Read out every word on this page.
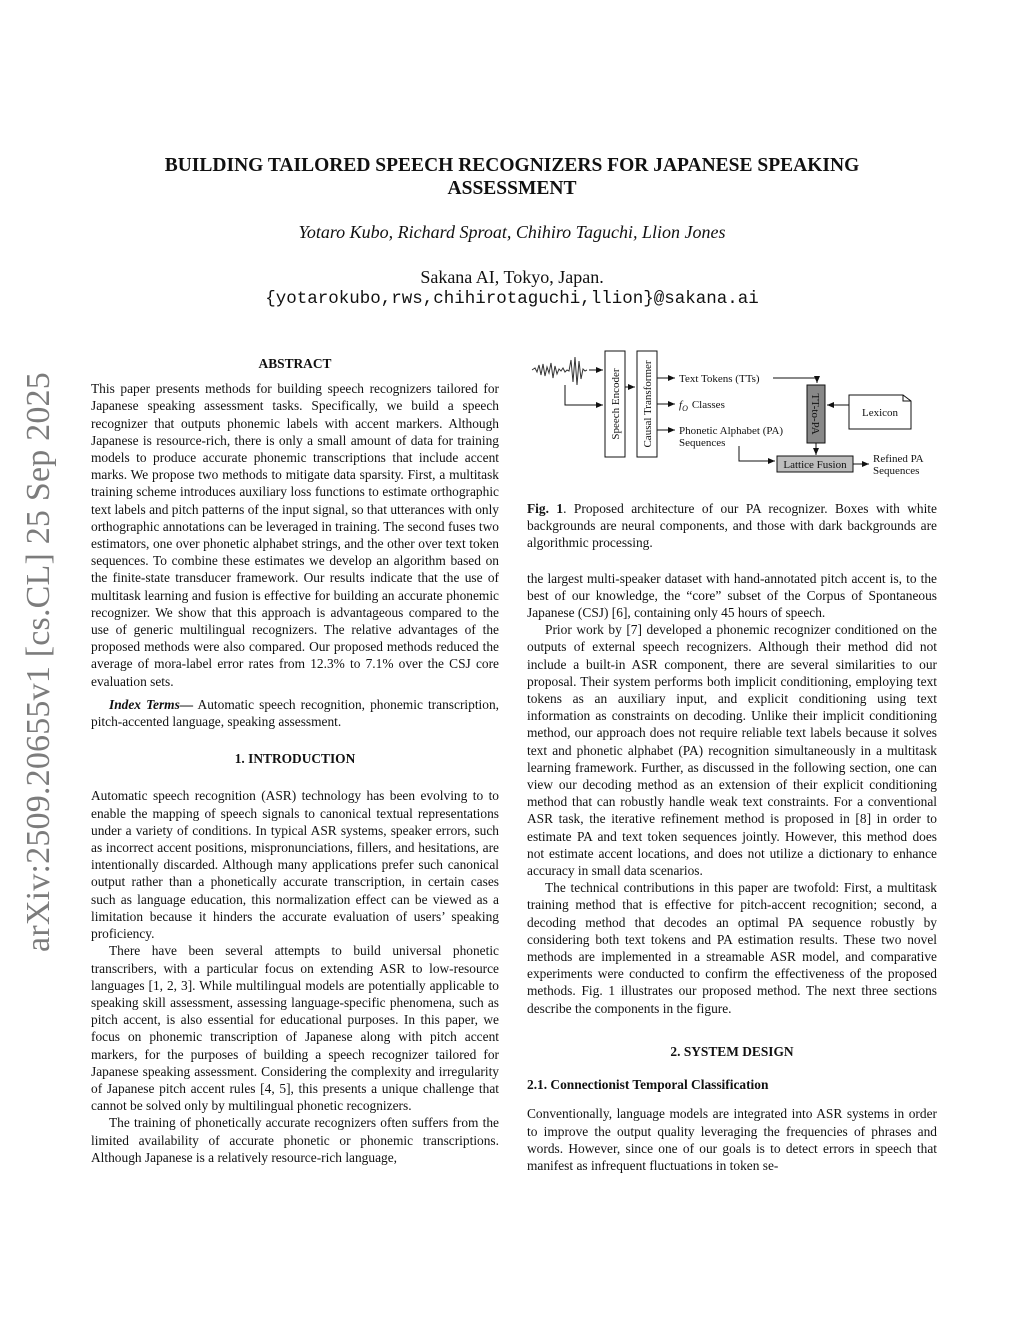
arXiv:2509.20655v1 [cs.CL] 25 Sep 2025
BUILDING TAILORED SPEECH RECOGNIZERS FOR JAPANESE SPEAKING
ASSESSMENT
Yotaro Kubo, Richard Sproat, Chihiro Taguchi, Llion Jones
Sakana AI, Tokyo, Japan.
{yotarokubo,rws,chihirotaguchi,llion}@sakana.ai
ABSTRACT

This paper presents methods for building speech recognizers tailored for Japanese speaking assessment tasks. Specifically, we build a speech recognizer that outputs phonemic labels with accent markers. Although Japanese is resource-rich, there is only a small amount of data for training models to produce accurate phonemic transcriptions that include accent marks. We propose two methods to mitigate data sparsity. First, a multitask training scheme introduces auxiliary loss functions to estimate orthographic text labels and pitch patterns of the input signal, so that utterances with only orthographic annotations can be leveraged in training. The second fuses two estimators, one over phonetic alphabet strings, and the other over text token sequences. To combine these estimates we develop an algorithm based on the finite-state transducer framework. Our results indicate that the use of multitask learning and fusion is effective for building an accurate phonemic recognizer. We show that this approach is advantageous compared to the use of generic multilingual recognizers. The relative advantages of the proposed methods were also compared. Our proposed methods reduced the average of mora-label error rates from 12.3% to 7.1% over the CSJ core evaluation sets.

Index Terms— Automatic speech recognition, phonemic transcription, pitch-accented language, speaking assessment.

1. INTRODUCTION

Automatic speech recognition (ASR) technology has been evolving to to enable the mapping of speech signals to canonical textual representations under a variety of conditions. In typical ASR systems, speaker errors, such as incorrect accent positions, mispronunciations, fillers, and hesitations, are intentionally discarded. Although many applications prefer such canonical output rather than a phonetically accurate transcription, in certain cases such as language education, this normalization effect can be viewed as a limitation because it hinders the accurate evaluation of users’ speaking proficiency.

There have been several attempts to build universal phonetic transcribers, with a particular focus on extending ASR to low-resource languages [1, 2, 3]. While multilingual models are potentially applicable to speaking skill assessment, assessing language-specific phenomena, such as pitch accent, is also essential for educational purposes. In this paper, we focus on phonemic transcription of Japanese along with pitch accent markers, for the purposes of building a speech recognizer tailored for Japanese speaking assessment. Considering the complexity and irregularity of Japanese pitch accent rules [4, 5], this presents a unique challenge that cannot be solved only by multilingual phonetic recognizers.

The training of phonetically accurate recognizers often suffers from the limited availability of accurate phonetic or phonemic transcriptions. Although Japanese is a relatively resource-rich language,

Speech Encoder Causal Transformer Text Tokens (TTs)
$f_O$ Classes
Phonetic Alphabet (PA)
Sequences
TT-to-PA	Lexicon
Lattice Fusion Refined PA
Sequences

Fig. 1. Proposed architecture of our PA recognizer. Boxes with white backgrounds are neural components, and those with dark backgrounds are algorithmic processing.

the largest multi-speaker dataset with hand-annotated pitch accent is, to the best of our knowledge, the “core” subset of the Corpus of Spontaneous Japanese (CSJ) [6], containing only 45 hours of speech.

Prior work by [7] developed a phonemic recognizer conditioned on the outputs of external speech recognizers. Although their method did not include a built-in ASR component, there are several similarities to our proposal. Their system performs both implicit conditioning, employing text tokens as an auxiliary input, and explicit conditioning using text information as constraints on decoding. Unlike their implicit conditioning method, our approach does not require reliable text labels because it solves text and phonetic alphabet (PA) recognition simultaneously in a multitask learning framework. Further, as discussed in the following section, one can view our decoding method as an extension of their explicit conditioning method that can robustly handle weak text constraints. For a conventional ASR task, the iterative refinement method is proposed in [8] in order to estimate PA and text token sequences jointly. However, this method does not estimate accent locations, and does not utilize a dictionary to enhance accuracy in small data scenarios.

The technical contributions in this paper are twofold: First, a multitask training method that is effective for pitch-accent recognition; second, a decoding method that decodes an optimal PA sequence robustly by considering both text tokens and PA estimation results. These two novel methods are implemented in a streamable ASR model, and comparative experiments were conducted to confirm the effectiveness of the proposed methods. Fig. 1 illustrates our proposed method. The next three sections describe the components in the figure.

2. SYSTEM DESIGN
2.1. Connectionist Temporal Classification

Conventionally, language models are integrated into ASR systems in order to improve the output quality leveraging the frequencies of phrases and words. However, since one of our goals is to detect errors in speech that manifest as infrequent fluctuations in token se-
